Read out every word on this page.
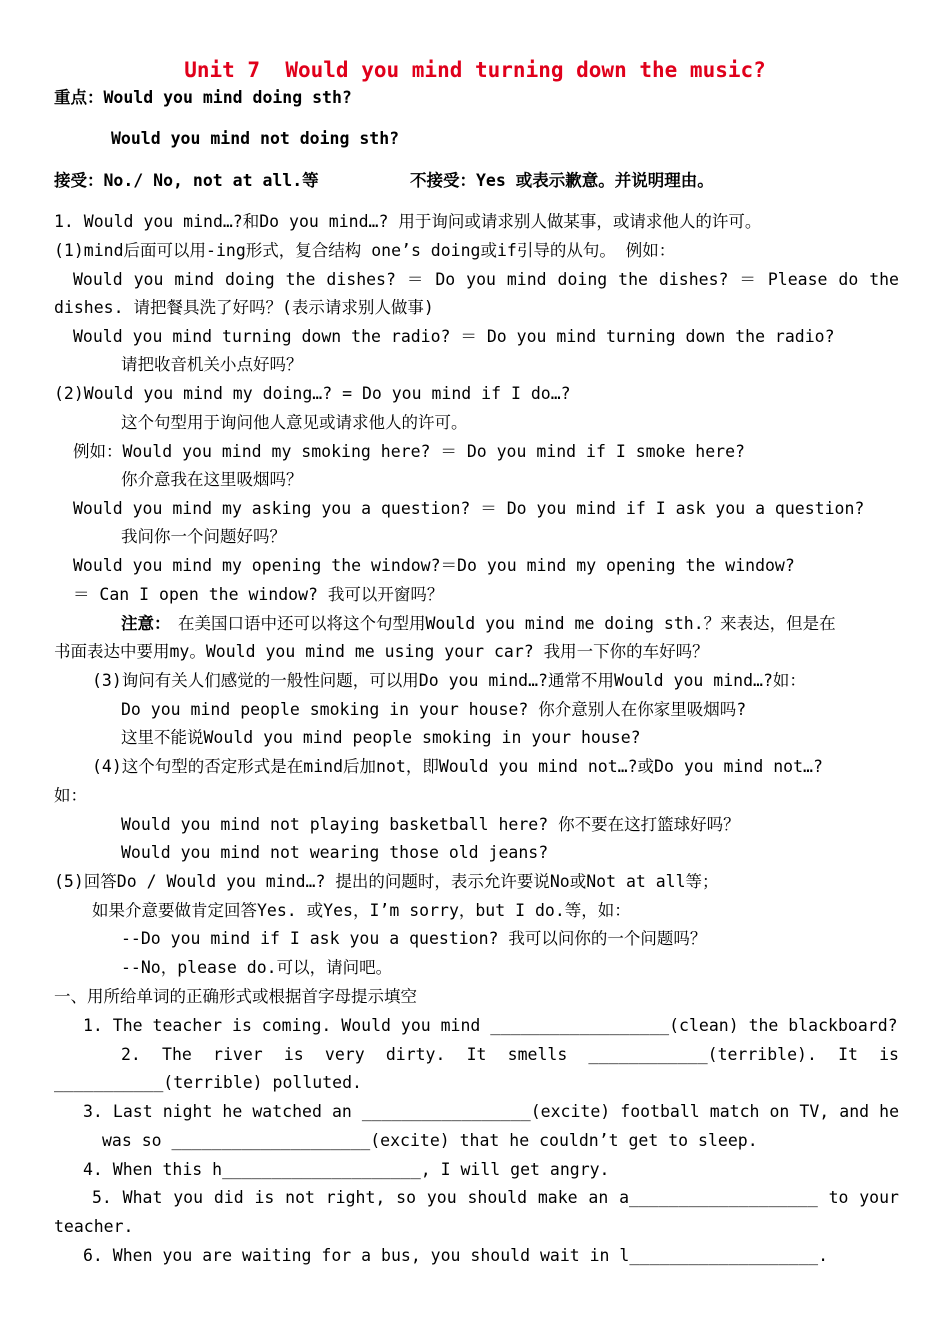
Unit 7  Would you mind turning down the music?
重点：Would you mind doing sth?
Would you mind not doing sth?
接受：No./ No, not at all.等	不接受：Yes 或表示歉意。并说明理由。
1. Would you mind…?和Do you mind…? 用于询问或请求别人做某事，或请求他人的许可。
(1)mind后面可以用-ing形式，复合结构 one’s doing或if引导的从句。 例如：
Would you mind doing the dishes? ＝ Do you mind doing the dishes? ＝ Please do the
dishes. 请把餐具洗了好吗？(表示请求别人做事)
Would you mind turning down the radio? ＝ Do you mind turning down the radio?
请把收音机关小点好吗？
(2)Would you mind my doing…? = Do you mind if I do…?
这个句型用于询问他人意见或请求他人的许可。
例如：Would you mind my smoking here? ＝ Do you mind if I smoke here?
你介意我在这里吸烟吗？
Would you mind my asking you a question? ＝ Do you mind if I ask you a question?
我问你一个问题好吗？
Would you mind my opening the window?＝Do you mind my opening the window?
＝ Can I open the window? 我可以开窗吗？
注意： 在美国口语中还可以将这个句型用Would you mind me doing sth.？来表达，但是在
书面表达中要用my。Would you mind me using your car? 我用一下你的车好吗？
(3)询问有关人们感觉的一般性问题，可以用Do you mind…?通常不用Would you mind…?如：
Do you mind people smoking in your house? 你介意别人在你家里吸烟吗?
这里不能说Would you mind people smoking in your house?
(4)这个句型的否定形式是在mind后加not，即Would you mind not…?或Do you mind not…?
如：
Would you mind not playing basketball here? 你不要在这打篮球好吗？
Would you mind not wearing those old jeans?
(5)回答Do / Would you mind…? 提出的问题时，表示允许要说No或Not at all等；
如果介意要做肯定回答Yes. 或Yes，I’m sorry，but I do.等，如：
--Do you mind if I ask you a question? 我可以问你的一个问题吗？
--No，please do.可以，请问吧。
一、用所给单词的正确形式或根据首字母提示填空
1. The teacher is coming. Would you mind __________________(clean) the blackboard?
2. The river is very dirty. It smells ____________(terrible). It is
___________(terrible) polluted.
3. Last night he watched an _________________(excite) football match on TV, and he
was so ____________________(excite) that he couldn’t get to sleep.
4. When this h____________________, I will get angry.
5. What you did is not right, so you should make an a___________________ to your
teacher.
6. When you are waiting for a bus, you should wait in l___________________.
